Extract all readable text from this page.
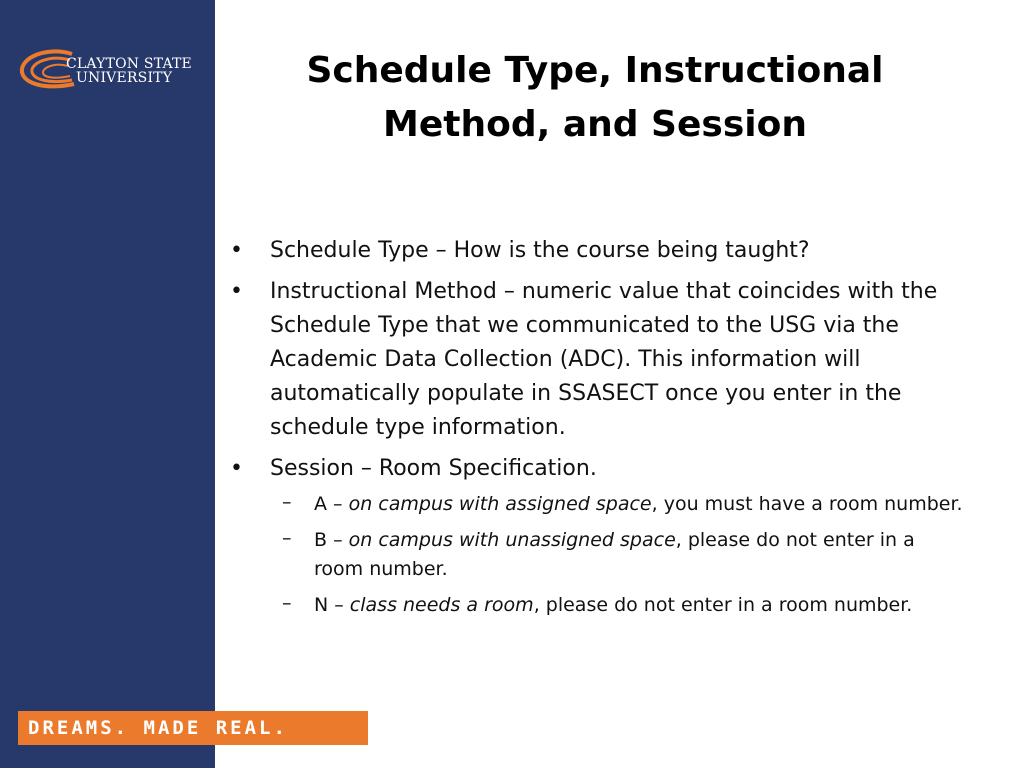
CLAYTON STATE
UNIVERSITY
DREAMS. MADE REAL.
Schedule Type, Instructional Method, and Session
• Schedule Type – How is the course being taught?
• Instructional Method – numeric value that coincides with the Schedule Type that we communicated to the USG via the Academic Data Collection (ADC). This information will automatically populate in SSASECT once you enter in the schedule type information.
• Session – Room Specification.
– A – on campus with assigned space, you must have a room number.
– B – on campus with unassigned space, please do not enter in a room number.
– N – class needs a room, please do not enter in a room number.
